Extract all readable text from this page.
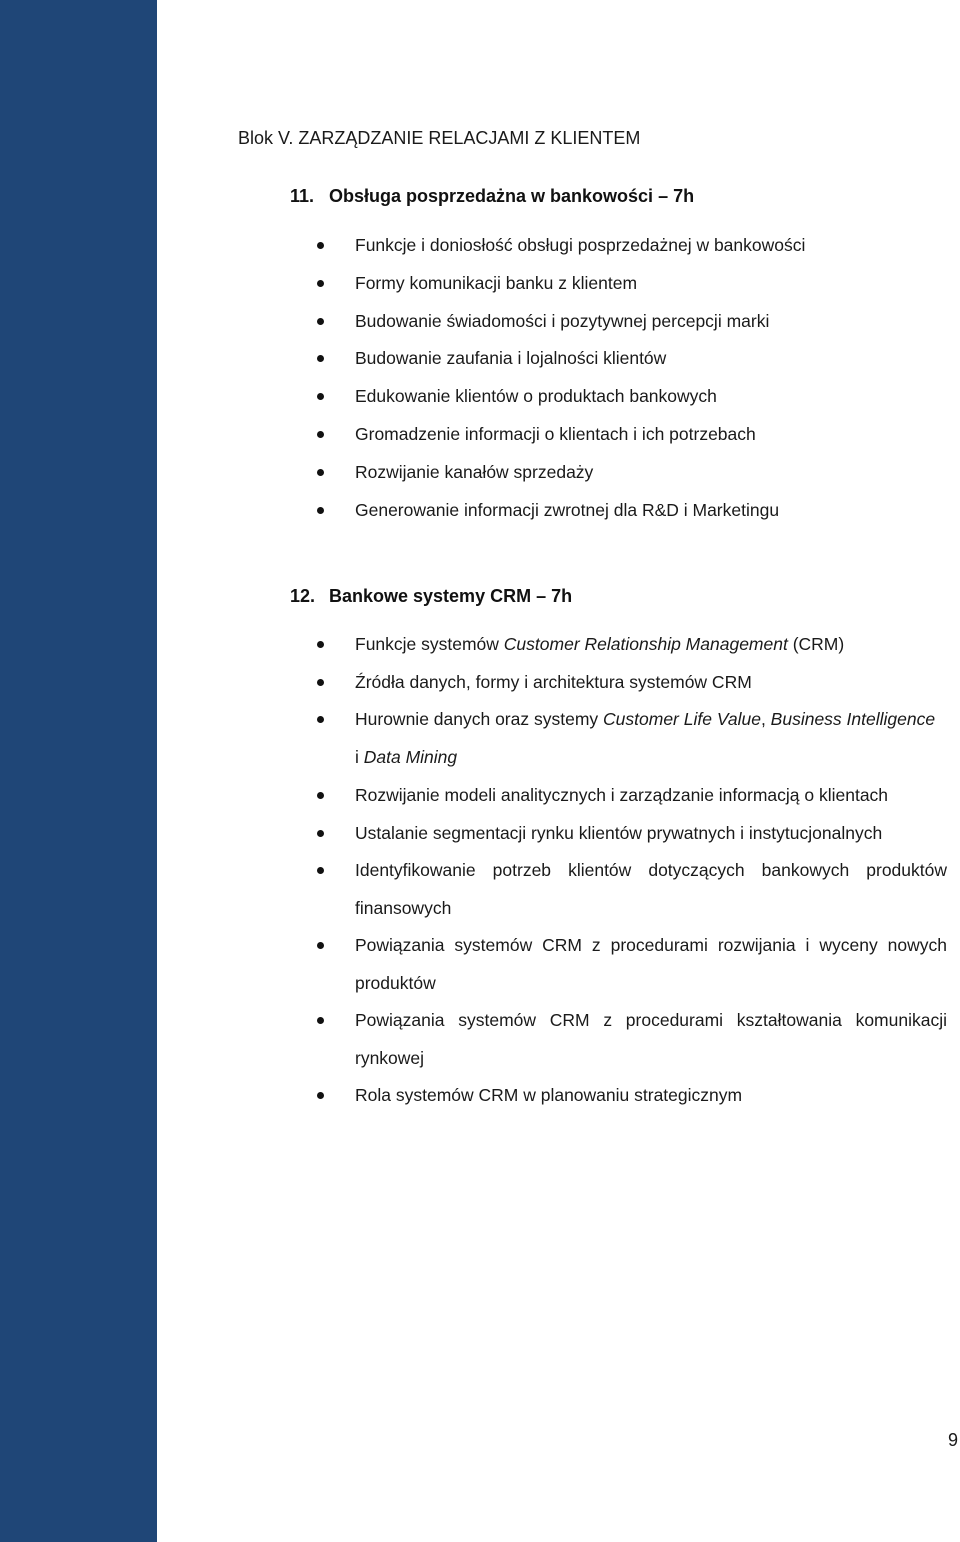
Blok V. ZARZĄDZANIE RELACJAMI Z KLIENTEM
11. Obsługa posprzedażna w bankowości – 7h
Funkcje i doniosłość obsługi posprzedażnej w bankowości
Formy komunikacji banku z klientem
Budowanie świadomości i pozytywnej percepcji marki
Budowanie zaufania i lojalności klientów
Edukowanie klientów o produktach bankowych
Gromadzenie informacji o klientach i ich potrzebach
Rozwijanie kanałów sprzedaży
Generowanie informacji zwrotnej dla R&D i Marketingu
12. Bankowe systemy CRM – 7h
Funkcje systemów Customer Relationship Management (CRM)
Źródła danych, formy i architektura systemów CRM
Hurownie danych oraz systemy Customer Life Value, Business Intelligence
i Data Mining
Rozwijanie modeli analitycznych i zarządzanie informacją o klientach
Ustalanie segmentacji rynku klientów prywatnych i instytucjonalnych
Identyfikowanie potrzeb klientów dotyczących bankowych produktów finansowych
Powiązania systemów CRM z procedurami rozwijania i wyceny nowych produktów
Powiązania systemów CRM z procedurami kształtowania komunikacji rynkowej
Rola systemów CRM w planowaniu strategicznym
9
